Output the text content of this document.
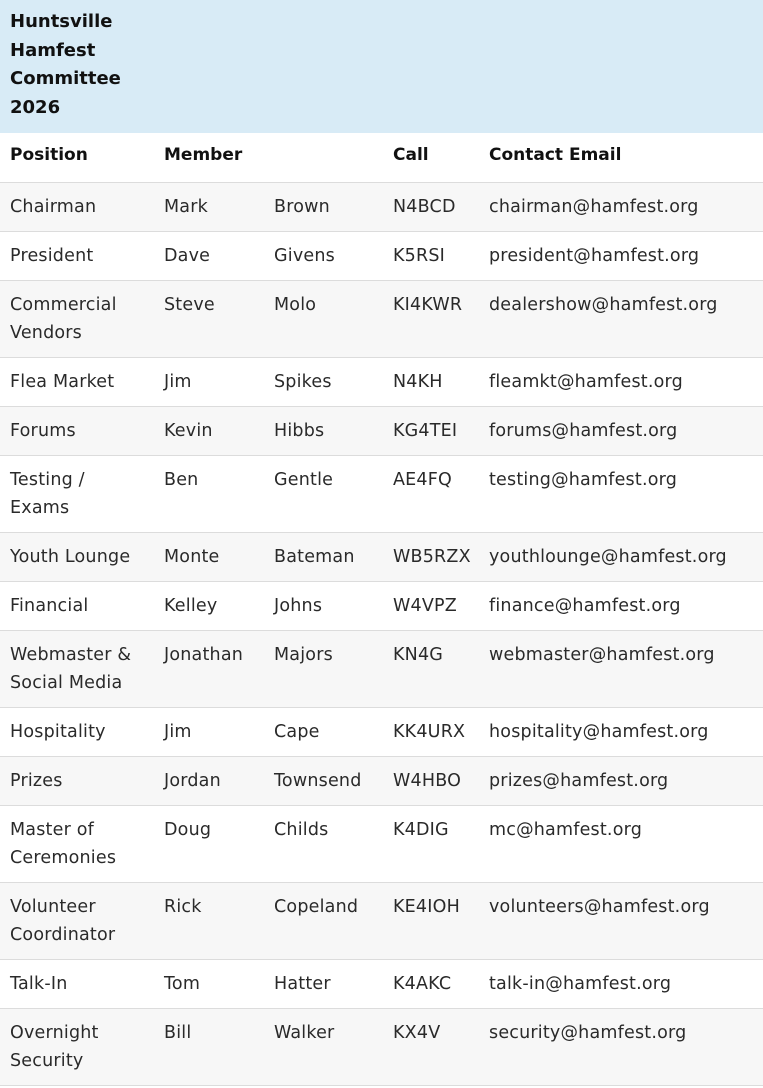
Huntsville Hamfest Committee 2026				

Position	Member		Call	Contact Email
Chairman	Mark	Brown	N4BCD	chairman@hamfest.org
President	Dave	Givens	K5RSI	president@hamfest.org
Commercial Vendors	Steve	Molo	KI4KWR	dealershow@hamfest.org
Flea Market	Jim	Spikes	N4KH	fleamkt@hamfest.org
Forums	Kevin	Hibbs	KG4TEI	forums@hamfest.org
Testing / Exams	Ben	Gentle	AE4FQ	testing@hamfest.org
Youth Lounge	Monte	Bateman	WB5RZX	youthlounge@hamfest.org
Financial	Kelley	Johns	W4VPZ	finance@hamfest.org
Webmaster & Social Media	Jonathan	Majors	KN4G	webmaster@hamfest.org
Hospitality	Jim	Cape	KK4URX	hospitality@hamfest.org
Prizes	Jordan	Townsend	W4HBO	prizes@hamfest.org
Master of Ceremonies	Doug	Childs	K4DIG	mc@hamfest.org
Volunteer Coordinator	Rick	Copeland	KE4IOH	volunteers@hamfest.org
Talk-In	Tom	Hatter	K4AKC	talk-in@hamfest.org
Overnight Security	Bill	Walker	KX4V	security@hamfest.org
